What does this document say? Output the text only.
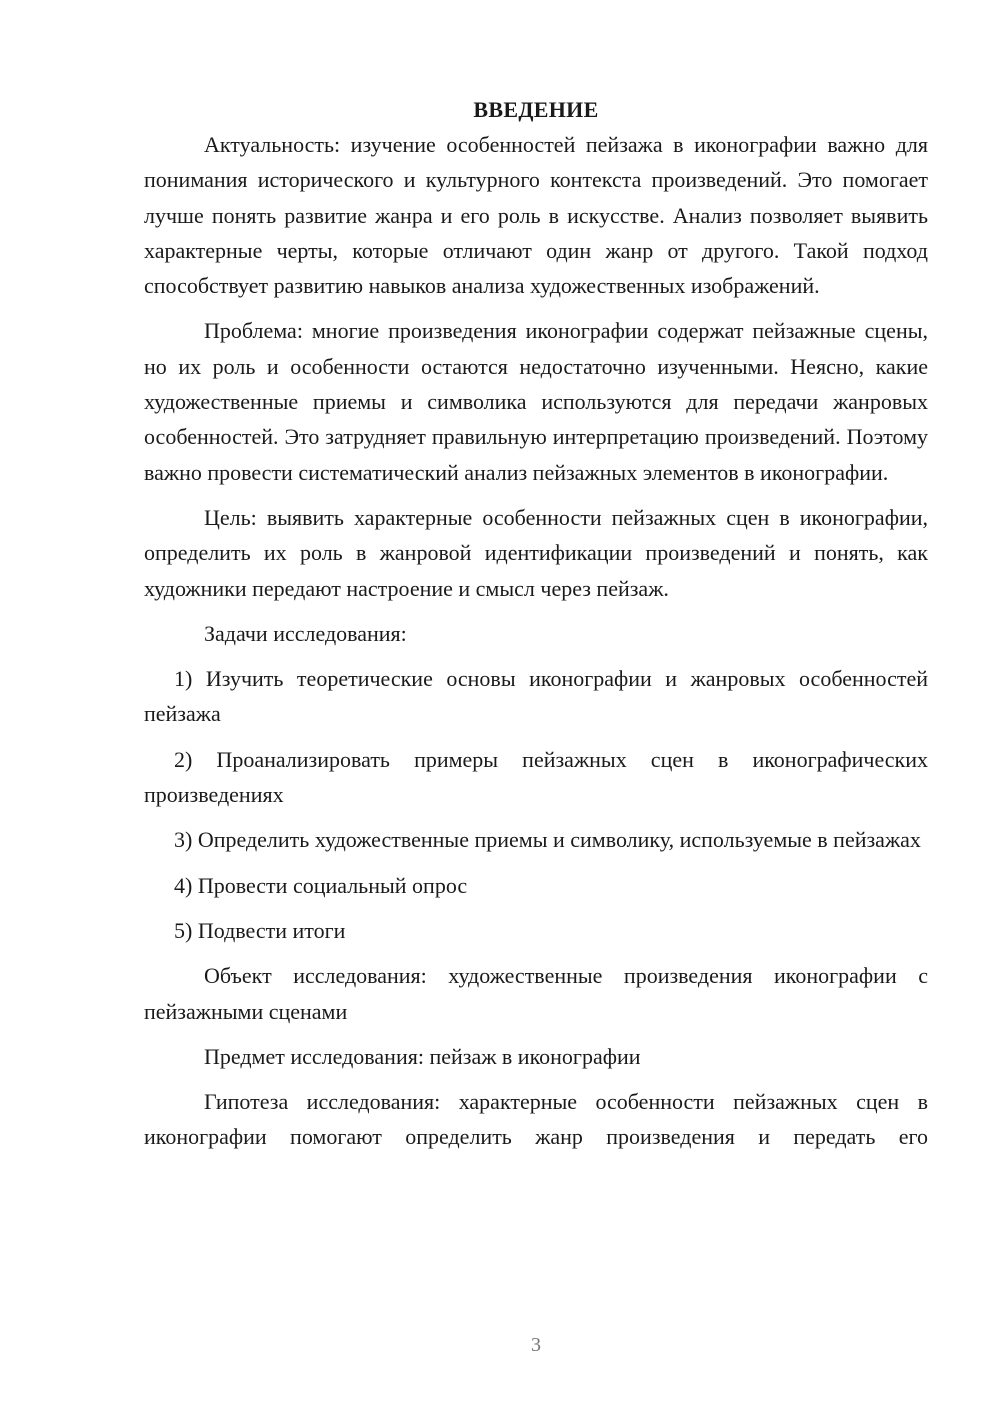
ВВЕДЕНИЕ

Актуальность: изучение особенностей пейзажа в иконографии важно для понимания исторического и культурного контекста произведений. Это помогает лучше понять развитие жанра и его роль в искусстве. Анализ позволяет выявить характерные черты, которые отличают один жанр от другого. Такой подход способствует развитию навыков анализа художественных изображений.

Проблема: многие произведения иконографии содержат пейзажные сцены, но их роль и особенности остаются недостаточно изученными. Неясно, какие художественные приемы и символика используются для передачи жанровых особенностей. Это затрудняет правильную интерпретацию произведений. Поэтому важно провести систематический анализ пейзажных элементов в иконографии.

Цель: выявить характерные особенности пейзажных сцен в иконографии, определить их роль в жанровой идентификации произведений и понять, как художники передают настроение и смысл через пейзаж.

Задачи исследования:

1) Изучить теоретические основы иконографии и жанровых особенностей пейзажа

2) Проанализировать примеры пейзажных сцен в иконографических произведениях

3) Определить художественные приемы и символику, используемые в пейзажах

4) Провести социальный опрос

5) Подвести итоги

Объект исследования: художественные произведения иконографии с пейзажными сценами

Предмет исследования: пейзаж в иконографии

Гипотеза исследования: характерные особенности пейзажных сцен в иконографии помогают определить жанр произведения и передать его

3
